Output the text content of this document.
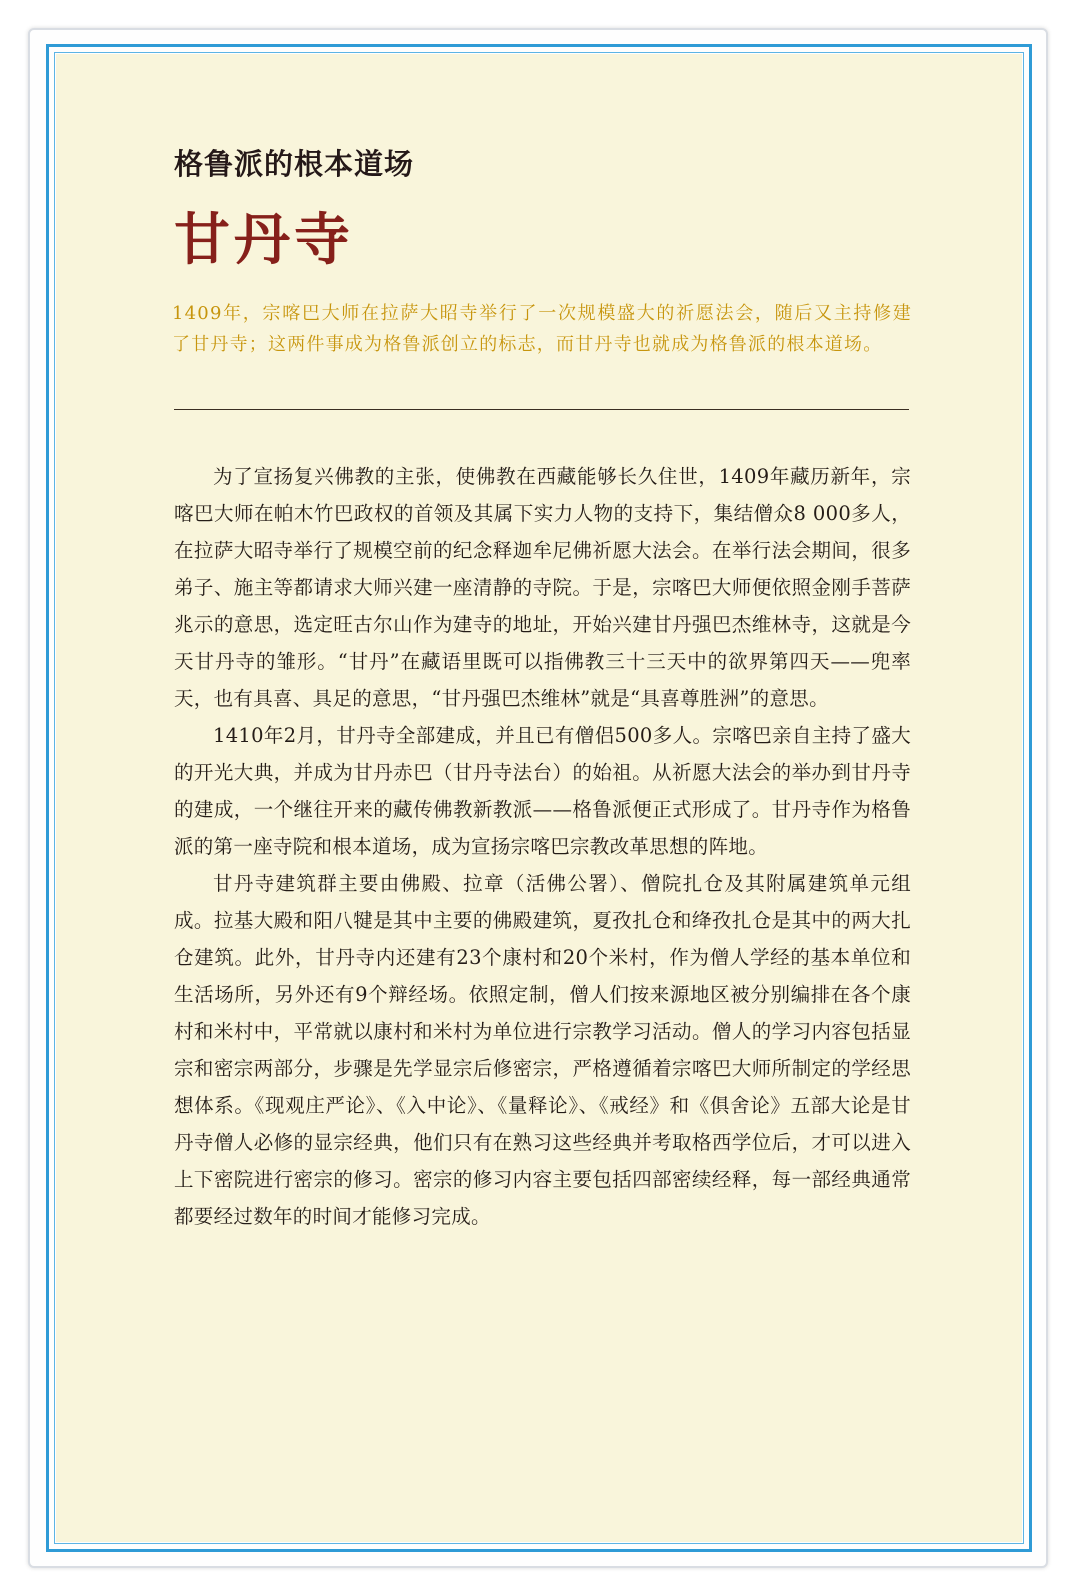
格鲁派的根本道场
甘丹寺

1409年，宗喀巴大师在拉萨大昭寺举行了一次规模盛大的祈愿法会，随后又主持修建了甘丹寺；这两件事成为格鲁派创立的标志，而甘丹寺也就成为格鲁派的根本道场。

为了宣扬复兴佛教的主张，使佛教在西藏能够长久住世，1409年藏历新年，宗喀巴大师在帕木竹巴政权的首领及其属下实力人物的支持下，集结僧众8 000多人，在拉萨大昭寺举行了规模空前的纪念释迦牟尼佛祈愿大法会。在举行法会期间，很多弟子、施主等都请求大师兴建一座清静的寺院。于是，宗喀巴大师便依照金刚手菩萨兆示的意思，选定旺古尔山作为建寺的地址，开始兴建甘丹强巴杰维林寺，这就是今天甘丹寺的雏形。“甘丹”在藏语里既可以指佛教三十三天中的欲界第四天——兜率天，也有具喜、具足的意思，“甘丹强巴杰维林”就是“具喜尊胜洲”的意思。

1410年2月，甘丹寺全部建成，并且已有僧侣500多人。宗喀巴亲自主持了盛大的开光大典，并成为甘丹赤巴（甘丹寺法台）的始祖。从祈愿大法会的举办到甘丹寺的建成，一个继往开来的藏传佛教新教派——格鲁派便正式形成了。甘丹寺作为格鲁派的第一座寺院和根本道场，成为宣扬宗喀巴宗教改革思想的阵地。

甘丹寺建筑群主要由佛殿、拉章（活佛公署）、僧院扎仓及其附属建筑单元组成。拉基大殿和阳八犍是其中主要的佛殿建筑，夏孜扎仓和绛孜扎仓是其中的两大扎仓建筑。此外，甘丹寺内还建有23个康村和20个米村，作为僧人学经的基本单位和生活场所，另外还有9个辩经场。依照定制，僧人们按来源地区被分别编排在各个康村和米村中，平常就以康村和米村为单位进行宗教学习活动。僧人的学习内容包括显宗和密宗两部分，步骤是先学显宗后修密宗，严格遵循着宗喀巴大师所制定的学经思想体系。《现观庄严论》、《入中论》、《量释论》、《戒经》和《俱舍论》五部大论是甘丹寺僧人必修的显宗经典，他们只有在熟习这些经典并考取格西学位后，才可以进入上下密院进行密宗的修习。密宗的修习内容主要包括四部密续经释，每一部经典通常都要经过数年的时间才能修习完成。
